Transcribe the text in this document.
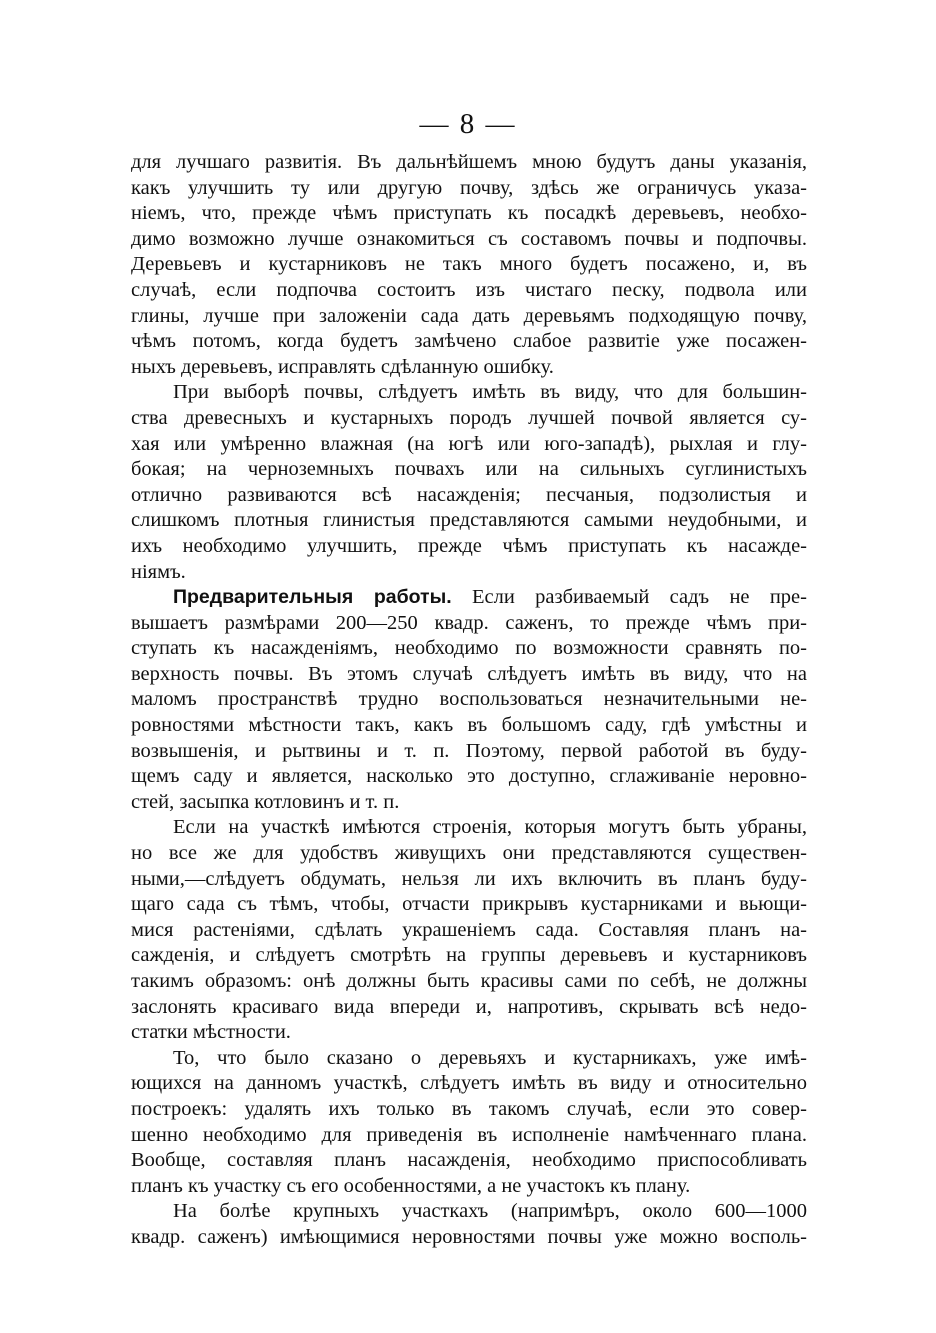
— 8 —
для лучшаго развитія. Въ дальнѣйшемъ мною будутъ даны указанія,
какъ улучшить ту или другую почву, здѣсь же ограничусь указа-
ніемъ, что, прежде чѣмъ приступать къ посадкѣ деревьевъ, необхо-
димо возможно лучше ознакомиться съ составомъ почвы и подпочвы.
Деревьевъ и кустарниковъ не такъ много будетъ посажено, и, въ
случаѣ, если подпочва состоитъ изъ чистаго песку, подвола или
глины, лучше при заложеніи сада дать деревьямъ подходящую почву,
чѣмъ потомъ, когда будетъ замѣчено слабое развитіе уже посажен-
ныхъ деревьевъ, исправлять сдѣланную ошибку.
При выборѣ почвы, слѣдуетъ имѣть въ виду, что для большин-
ства древесныхъ и кустарныхъ породъ лучшей почвой является су-
хая или умѣренно влажная (на югѣ или юго-западѣ), рыхлая и глу-
бокая; на черноземныхъ почвахъ или на сильныхъ суглинистыхъ
отлично развиваются всѣ насажденія; песчаныя, подзолистыя и
слишкомъ плотныя глинистыя представляются самыми неудобными, и
ихъ необходимо улучшить, прежде чѣмъ приступать къ насажде-
ніямъ.
Предварительныя работы. Если разбиваемый садъ не пре-
вышаетъ размѣрами 200—250 квадр. саженъ, то прежде чѣмъ при-
ступать къ насажденіямъ, необходимо по возможности сравнять по-
верхность почвы. Въ этомъ случаѣ слѣдуетъ имѣть въ виду, что на
маломъ пространствѣ трудно воспользоваться незначительными не-
ровностями мѣстности такъ, какъ въ большомъ саду, гдѣ умѣстны и
возвышенія, и рытвины и т. п. Поэтому, первой работой въ буду-
щемъ саду и является, насколько это доступно, сглаживаніе неровно-
стей, засыпка котловинъ и т. п.
Если на участкѣ имѣются строенія, которыя могутъ быть убраны,
но все же для удобствъ живущихъ они представляются существен-
ными,—слѣдуетъ обдумать, нельзя ли ихъ включить въ планъ буду-
щаго сада съ тѣмъ, чтобы, отчасти прикрывъ кустарниками и вьющи-
мися растеніями, сдѣлать украшеніемъ сада. Составляя планъ на-
сажденія, и слѣдуетъ смотрѣть на группы деревьевъ и кустарниковъ
такимъ образомъ: онѣ должны быть красивы сами по себѣ, не должны
заслонять красиваго вида впереди и, напротивъ, скрывать всѣ недо-
статки мѣстности.
То, что было сказано о деревьяхъ и кустарникахъ, уже имѣ-
ющихся на данномъ участкѣ, слѣдуетъ имѣть въ виду и относительно
построекъ: удалять ихъ только въ такомъ случаѣ, если это совер-
шенно необходимо для приведенія въ исполненіе намѣченнаго плана.
Вообще, составляя планъ насажденія, необходимо приспособливать
планъ къ участку съ его особенностями, а не участокъ къ плану.
На болѣе крупныхъ участкахъ (напримѣръ, около 600—1000
квадр. саженъ) имѣющимися неровностями почвы уже можно восполь-
